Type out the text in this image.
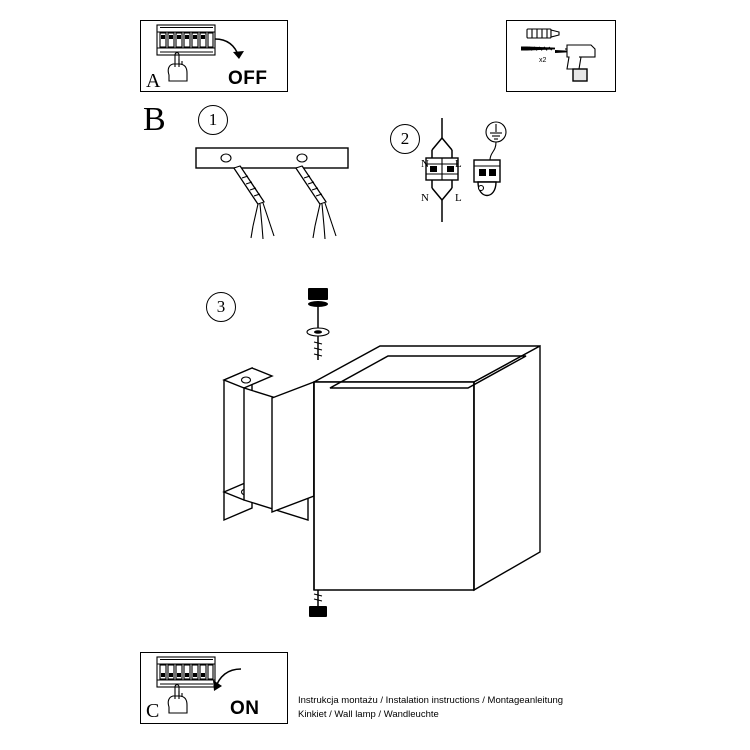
A	OFF
x2
B	1
2
N L
N L
3
C	ON	Instrukcja montażu / Instalation instructions / Montageanleitung
Kinkiet / Wall lamp / Wandleuchte
